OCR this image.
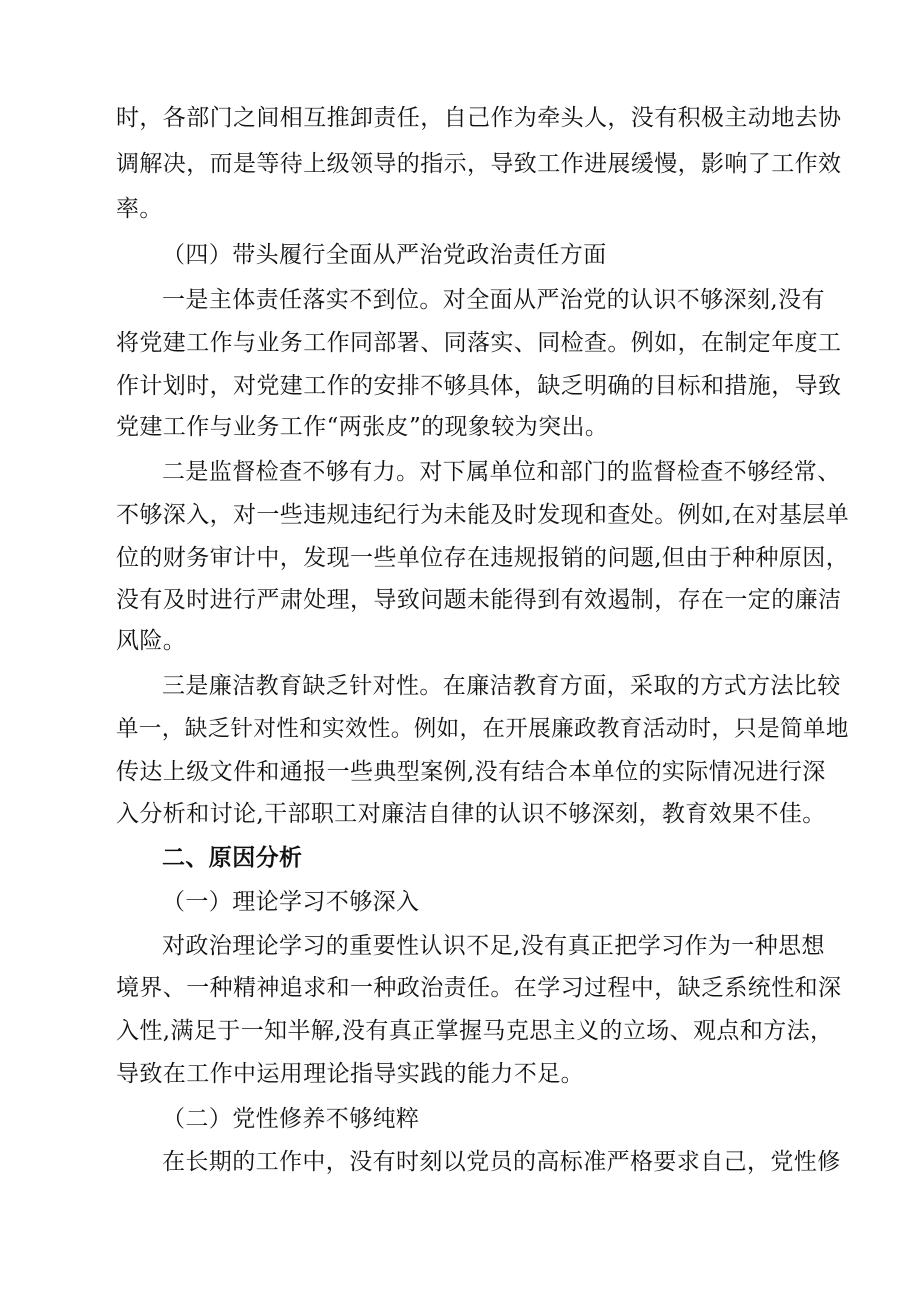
时，各部门之间相互推卸责任，自己作为牵头人，没有积极主动地去协
调解决，而是等待上级领导的指示，导致工作进展缓慢，影响了工作效
率。
（四）带头履行全面从严治党政治责任方面
一是主体责任落实不到位。对全面从严治党的认识不够深刻,没有
将党建工作与业务工作同部署、同落实、同检查。例如，在制定年度工
作计划时，对党建工作的安排不够具体，缺乏明确的目标和措施，导致
党建工作与业务工作“两张皮”的现象较为突出。
二是监督检查不够有力。对下属单位和部门的监督检查不够经常、
不够深入，对一些违规违纪行为未能及时发现和查处。例如,在对基层单
位的财务审计中，发现一些单位存在违规报销的问题,但由于种种原因，
没有及时进行严肃处理，导致问题未能得到有效遏制，存在一定的廉洁
风险。
三是廉洁教育缺乏针对性。在廉洁教育方面，采取的方式方法比较
单一，缺乏针对性和实效性。例如，在开展廉政教育活动时，只是简单地
传达上级文件和通报一些典型案例,没有结合本单位的实际情况进行深
入分析和讨论,干部职工对廉洁自律的认识不够深刻，教育效果不佳。
二、原因分析
（一）理论学习不够深入
对政治理论学习的重要性认识不足,没有真正把学习作为一种思想
境界、一种精神追求和一种政治责任。在学习过程中，缺乏系统性和深
入性,满足于一知半解,没有真正掌握马克思主义的立场、观点和方法，
导致在工作中运用理论指导实践的能力不足。
（二）党性修养不够纯粹
在长期的工作中，没有时刻以党员的高标准严格要求自己，党性修
